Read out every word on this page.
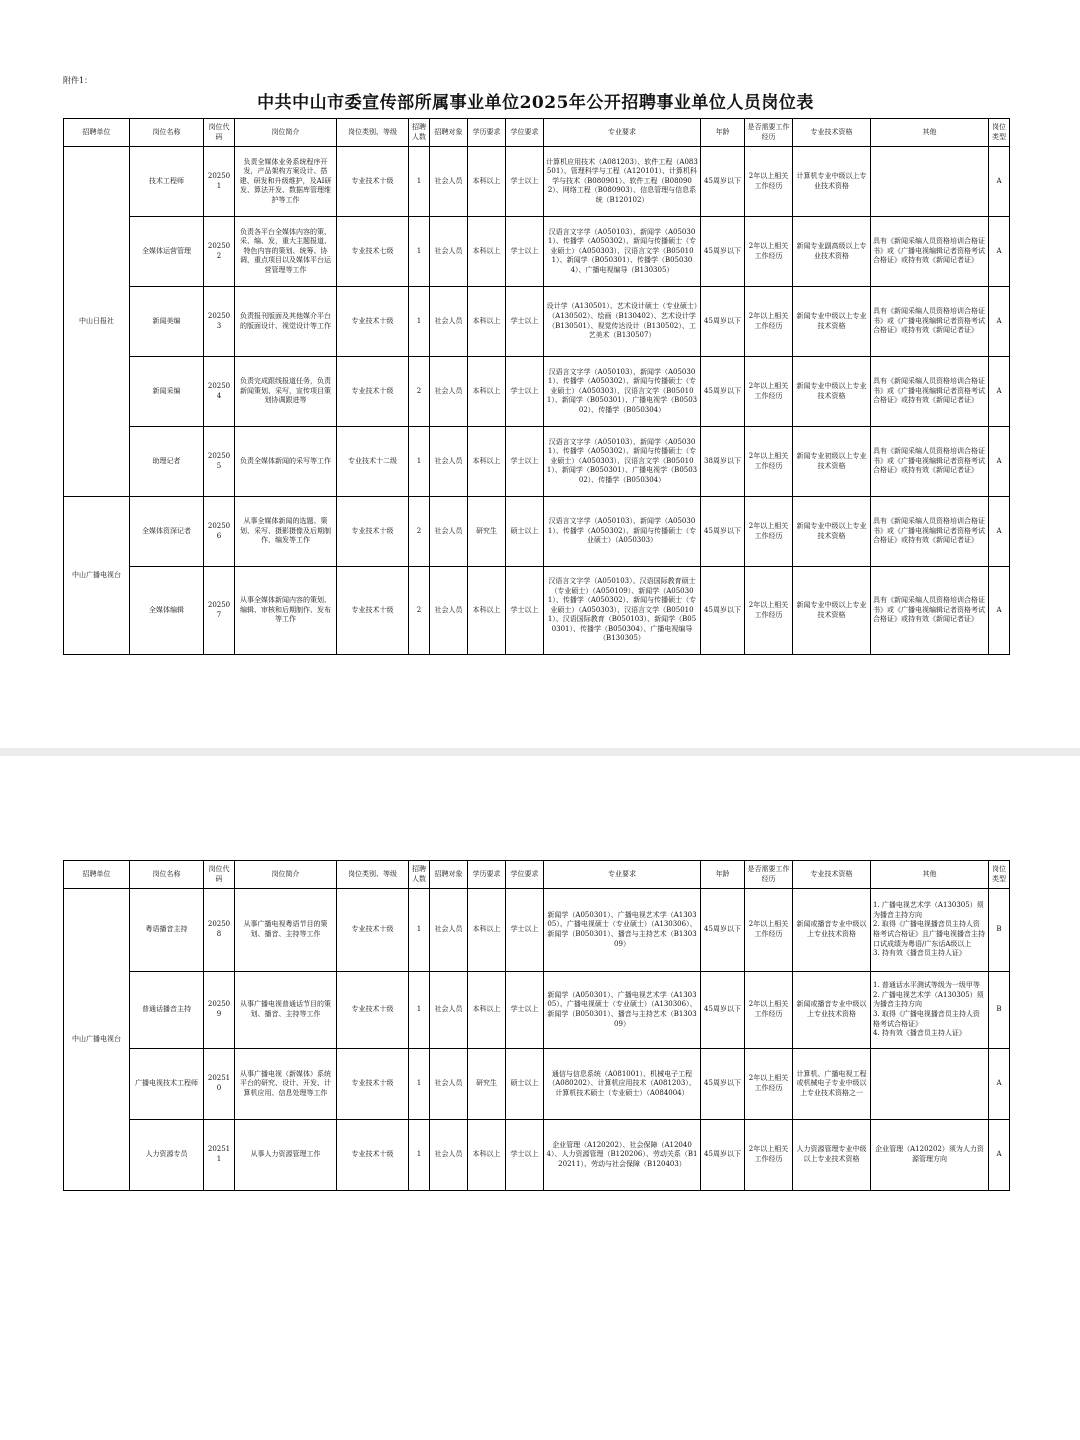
附件1：
中共中山市委宣传部所属事业单位2025年公开招聘事业单位人员岗位表
招聘单位	岗位名称	岗位代码	岗位简介	岗位类别、等级	招聘人数	招聘对象	学历要求	学位要求	专业要求	年龄	是否需要工作经历	专业技术资格	其他	岗位类型
中山日报社	技术工程师	202501	负责全媒体业务系统程序开发，产品架构方案设计、搭建、研发和升级维护，及AI研发、算法开发、数据库管理维护等工作	专业技术十级	1	社会人员	本科以上	学士以上	计算机应用技术（A081203）、软件工程（A083501）、管理科学与工程（A120101）、计算机科学与技术（B080901）、软件工程（B080902）、网络工程（B080903）、信息管理与信息系统（B120102）	45周岁以下	2年以上相关工作经历	计算机专业中级以上专业技术资格		A
	全媒体运营管理	202502	负责各平台全媒体内容的策、采、编、发，重大主题报道、特色内容的策划、统筹、协调，重点项目以及媒体平台运营管理等工作	专业技术七级	1	社会人员	本科以上	学士以上	汉语言文字学（A050103）、新闻学（A050301）、传播学（A050302）、新闻与传播硕士（专业硕士）（A050303）、汉语言文学（B050101）、新闻学（B050301）、传播学（B050304）、广播电视编导（B130305）	45周岁以下	2年以上相关工作经历	新闻专业副高级以上专业技术资格	具有《新闻采编人员资格培训合格证书》或《广播电视编辑记者资格考试合格证》或持有效《新闻记者证》	A
	新闻美编	202503	负责报刊版面及其他媒介平台的版面设计、视觉设计等工作	专业技术十级	1	社会人员	本科以上	学士以上	设计学（A130501）、艺术设计硕士（专业硕士）（A130502）、绘画（B130402）、艺术设计学（B130501）、视觉传达设计（B130502）、工艺美术（B130507）	45周岁以下	2年以上相关工作经历	新闻专业中级以上专业技术资格	具有《新闻采编人员资格培训合格证书》或《广播电视编辑记者资格考试合格证》或持有效《新闻记者证》	A
	新闻采编	202504	负责完成跟线报道任务，负责新闻策划、采写，宣传项目策划协调跟进等	专业技术十级	2	社会人员	本科以上	学士以上	汉语言文字学（A050103）、新闻学（A050301）、传播学（A050302）、新闻与传播硕士（专业硕士）（A050303）、汉语言文学（B050101）、新闻学（B050301）、广播电视学（B050302）、传播学（B050304）	45周岁以下	2年以上相关工作经历	新闻专业中级以上专业技术资格	具有《新闻采编人员资格培训合格证书》或《广播电视编辑记者资格考试合格证》或持有效《新闻记者证》	A
	助理记者	202505	负责全媒体新闻的采写等工作	专业技术十二级	1	社会人员	本科以上	学士以上	汉语言文字学（A050103）、新闻学（A050301）、传播学（A050302）、新闻与传播硕士（专业硕士）（A050303）、汉语言文学（B050101）、新闻学（B050301）、广播电视学（B050302）、传播学（B050304）	38周岁以下	2年以上相关工作经历	新闻专业初级以上专业技术资格	具有《新闻采编人员资格培训合格证书》或《广播电视编辑记者资格考试合格证》或持有效《新闻记者证》	A
中山广播电视台	全媒体资深记者	202506	从事全媒体新闻的选题、策划、采写、摄影摄像及后期制作、编发等工作	专业技术十级	2	社会人员	研究生	硕士以上	汉语言文字学（A050103）、新闻学（A050301）、传播学（A050302）、新闻与传播硕士（专业硕士）（A050303）	45周岁以下	2年以上相关工作经历	新闻专业中级以上专业技术资格	具有《新闻采编人员资格培训合格证书》或《广播电视编辑记者资格考试合格证》或持有效《新闻记者证》	A
	全媒体编辑	202507	从事全媒体新闻内容的策划、编辑、审核和后期制作、发布等工作	专业技术十级	2	社会人员	本科以上	学士以上	汉语言文字学（A050103）、汉语国际教育硕士（专业硕士）（A050109）、新闻学（A050301）、传播学（A050302）、新闻与传播硕士（专业硕士）（A050303）、汉语言文学（B050101）、汉语国际教育（B050103）、新闻学（B050301）、传播学（B050304）、广播电视编导（B130305）	45周岁以下	2年以上相关工作经历	新闻专业中级以上专业技术资格	具有《新闻采编人员资格培训合格证书》或《广播电视编辑记者资格考试合格证》或持有效《新闻记者证》	A
招聘单位	岗位名称	岗位代码	岗位简介	岗位类别、等级	招聘人数	招聘对象	学历要求	学位要求	专业要求	年龄	是否需要工作经历	专业技术资格	其他	岗位类型
中山广播电视台	粤语播音主持	202508	从事广播电视粤语节目的策划、播音、主持等工作	专业技术十级	1	社会人员	本科以上	学士以上	新闻学（A050301）、广播电视艺术学（A130305）、广播电视硕士（专业硕士）（A130306）、新闻学（B050301）、播音与主持艺术（B130309）	45周岁以下	2年以上相关工作经历	新闻或播音专业中级以上专业技术资格	1. 广播电视艺术学（A130305）须为播音主持方向
2. 取得《广播电视播音员主持人资格考试合格证》且广播电视播音主持口试成绩为粤语/广东话A级以上
3. 持有效《播音员主持人证》	B
	普通话播音主持	202509	从事广播电视普通话节目的策划、播音、主持等工作	专业技术十级	1	社会人员	本科以上	学士以上	新闻学（A050301）、广播电视艺术学（A130305）、广播电视硕士（专业硕士）（A130306）、新闻学（B050301）、播音与主持艺术（B130309）	45周岁以下	2年以上相关工作经历	新闻或播音专业中级以上专业技术资格	1. 普通话水平测试等级为一级甲等
2. 广播电视艺术学（A130305）须为播音主持方向
3. 取得《广播电视播音员主持人资格考试合格证》
4. 持有效《播音员主持人证》	B
	广播电视技术工程师	202510	从事广播电视（新媒体）系统平台的研究、设计、开发、计算机应用、信息处理等工作	专业技术十级	1	社会人员	研究生	硕士以上	通信与信息系统（A081001）、机械电子工程（A080202）、计算机应用技术（A081203）、计算机技术硕士（专业硕士）（A084004）	45周岁以下	2年以上相关工作经历	计算机、广播电视工程或机械电子专业中级以上专业技术资格之一		A
	人力资源专员	202511	从事人力资源管理工作	专业技术十级	1	社会人员	本科以上	学士以上	企业管理（A120202）、社会保障（A120404）、人力资源管理（B120206）、劳动关系（B120211）、劳动与社会保障（B120403）	45周岁以下	2年以上相关工作经历	人力资源管理专业中级以上专业技术资格	企业管理（A120202）须为人力资源管理方向	A
